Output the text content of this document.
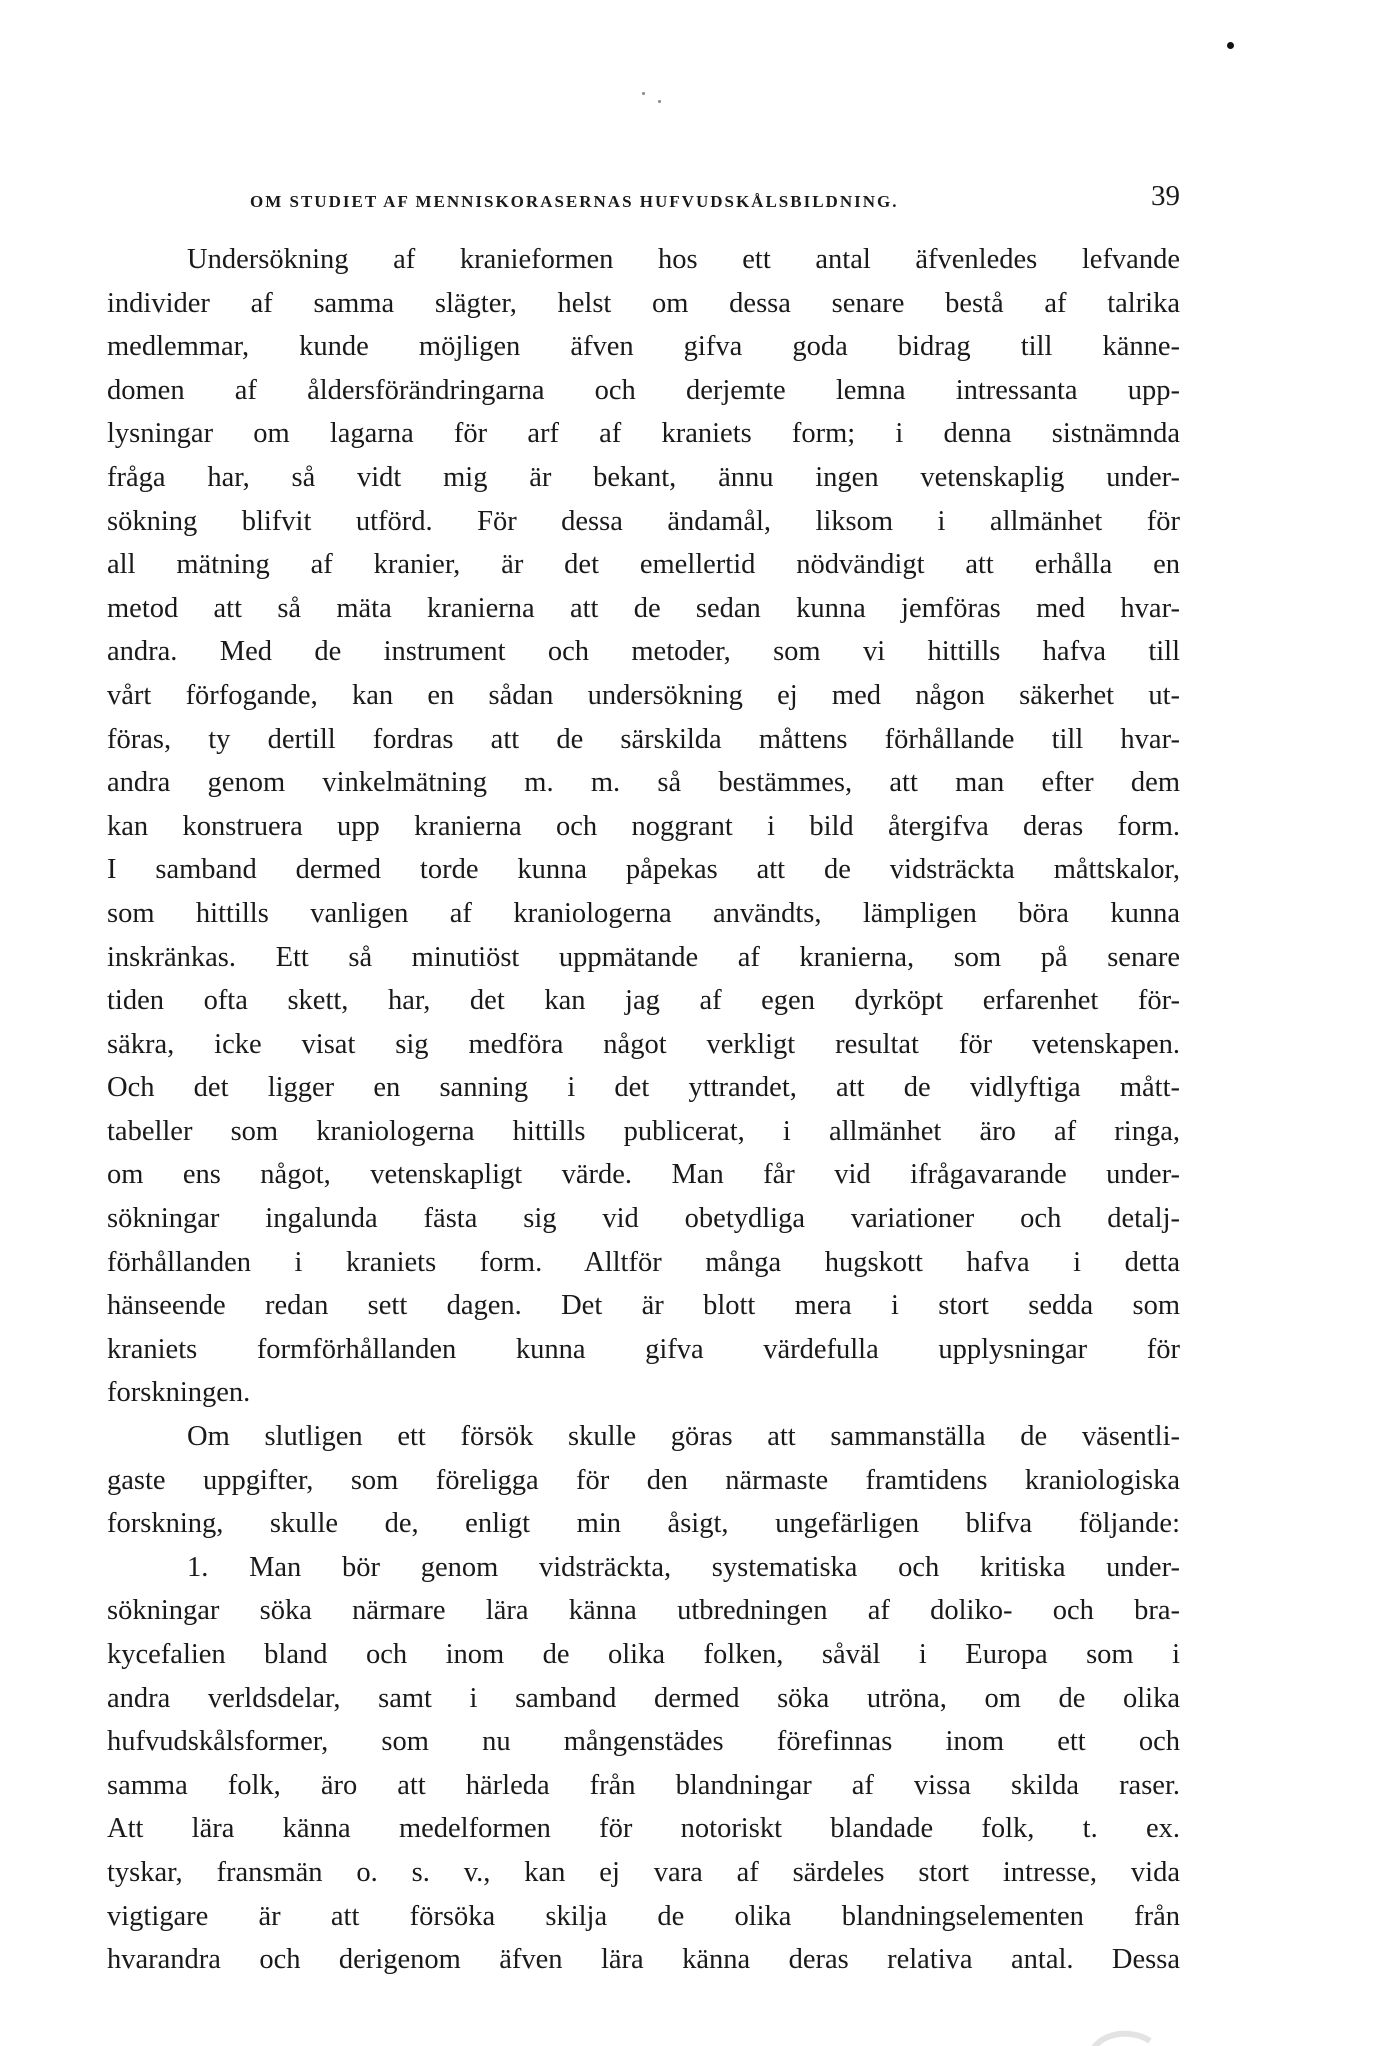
OM STUDIET AF MENNISKORASERNAS HUFVUDSKÅLSBILDNING.	39
Undersökning af kranieformen hos ett antal äfvenledes lefvande
individer af samma slägter, helst om dessa senare bestå af talrika
medlemmar, kunde möjligen äfven gifva goda bidrag till känne-
domen af åldersförändringarna och derjemte lemna intressanta upp-
lysningar om lagarna för arf af kraniets form; i denna sistnämnda
fråga har, så vidt mig är bekant, ännu ingen vetenskaplig under-
sökning blifvit utförd. För dessa ändamål, liksom i allmänhet för
all mätning af kranier, är det emellertid nödvändigt att erhålla en
metod att så mäta kranierna att de sedan kunna jemföras med hvar-
andra. Med de instrument och metoder, som vi hittills hafva till
vårt förfogande, kan en sådan undersökning ej med någon säkerhet ut-
föras, ty dertill fordras att de särskilda måttens förhållande till hvar-
andra genom vinkelmätning m. m. så bestämmes, att man efter dem
kan konstruera upp kranierna och noggrant i bild återgifva deras form.
I samband dermed torde kunna påpekas att de vidsträckta måttskalor,
som hittills vanligen af kraniologerna användts, lämpligen böra kunna
inskränkas. Ett så minutiöst uppmätande af kranierna, som på senare
tiden ofta skett, har, det kan jag af egen dyrköpt erfarenhet för-
säkra, icke visat sig medföra något verkligt resultat för vetenskapen.
Och det ligger en sanning i det yttrandet, att de vidlyftiga mått-
tabeller som kraniologerna hittills publicerat, i allmänhet äro af ringa,
om ens något, vetenskapligt värde. Man får vid ifrågavarande under-
sökningar ingalunda fästa sig vid obetydliga variationer och detalj-
förhållanden i kraniets form. Alltför många hugskott hafva i detta
hänseende redan sett dagen. Det är blott mera i stort sedda som
kraniets formförhållanden kunna gifva värdefulla upplysningar för
forskningen.
Om slutligen ett försök skulle göras att sammanställa de väsentli-
gaste uppgifter, som föreligga för den närmaste framtidens kraniologiska
forskning, skulle de, enligt min åsigt, ungefärligen blifva följande:
1. Man bör genom vidsträckta, systematiska och kritiska under-
sökningar söka närmare lära känna utbredningen af doliko- och bra-
kycefalien bland och inom de olika folken, såväl i Europa som i
andra verldsdelar, samt i samband dermed söka utröna, om de olika
hufvudskålsformer, som nu mångenstädes förefinnas inom ett och
samma folk, äro att härleda från blandningar af vissa skilda raser.
Att lära känna medelformen för notoriskt blandade folk, t. ex.
tyskar, fransmän o. s. v., kan ej vara af särdeles stort intresse, vida
vigtigare är att försöka skilja de olika blandningselementen från
hvarandra och derigenom äfven lära känna deras relativa antal. Dessa
